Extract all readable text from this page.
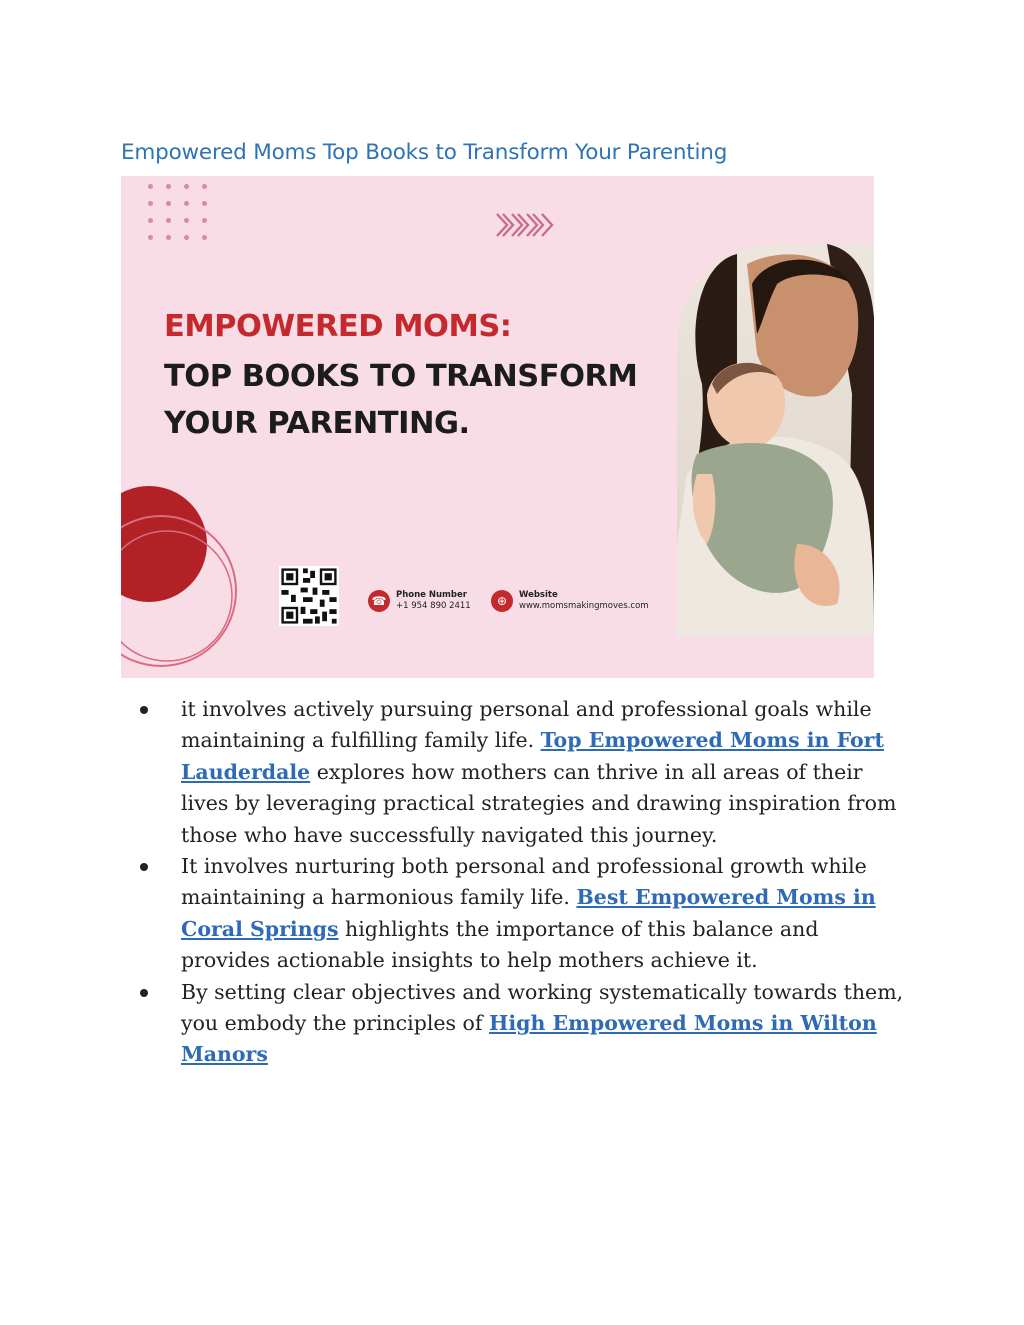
Empowered Moms Top Books to Transform Your Parenting

EMPOWERED MOMS:

TOP BOOKS TO TRANSFORM

YOUR PARENTING.

☎	Phone Number
+1 954 890 2411	⊕	Website
www.momsmakingmoves.com
it involves actively pursuing personal and professional goals while maintaining a fulfilling family life. Top Empowered Moms in Fort Lauderdale explores how mothers can thrive in all areas of their lives by leveraging practical strategies and drawing inspiration from those who have successfully navigated this journey.
It involves nurturing both personal and professional growth while maintaining a harmonious family life. Best Empowered Moms in Coral Springs highlights the importance of this balance and provides actionable insights to help mothers achieve it.
By setting clear objectives and working systematically towards them, you embody the principles of High Empowered Moms in Wilton Manors
